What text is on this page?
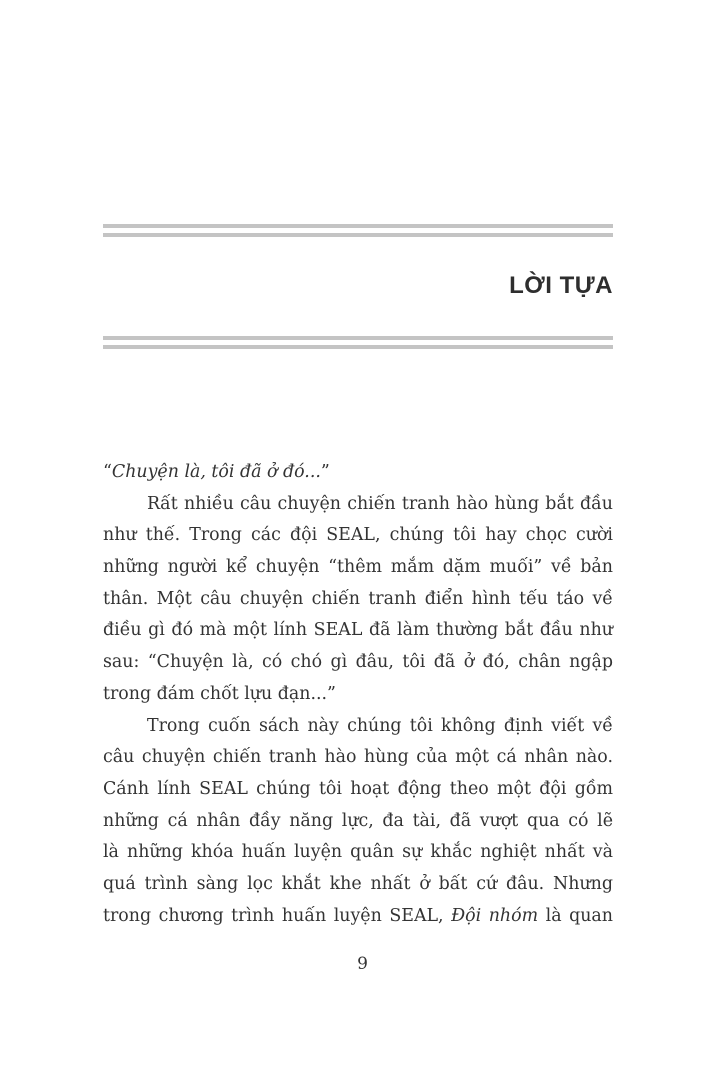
LỜI TỰA
“Chuyện là, tôi đã ở đó...”
Rất nhiều câu chuyện chiến tranh hào hùng bắt đầu
như thế. Trong các đội SEAL, chúng tôi hay chọc cười
những người kể chuyện “thêm mắm dặm muối” về bản
thân. Một câu chuyện chiến tranh điển hình tếu táo về
điều gì đó mà một lính SEAL đã làm thường bắt đầu như
sau: “Chuyện là, có chó gì đâu, tôi đã ở đó, chân ngập
trong đám chốt lựu đạn...”
Trong cuốn sách này chúng tôi không định viết về
câu chuyện chiến tranh hào hùng của một cá nhân nào.
Cánh lính SEAL chúng tôi hoạt động theo một đội gồm
những cá nhân đầy năng lực, đa tài, đã vượt qua có lẽ
là những khóa huấn luyện quân sự khắc nghiệt nhất và
quá trình sàng lọc khắt khe nhất ở bất cứ đâu. Nhưng
trong chương trình huấn luyện SEAL, Đội nhóm là quan
9
